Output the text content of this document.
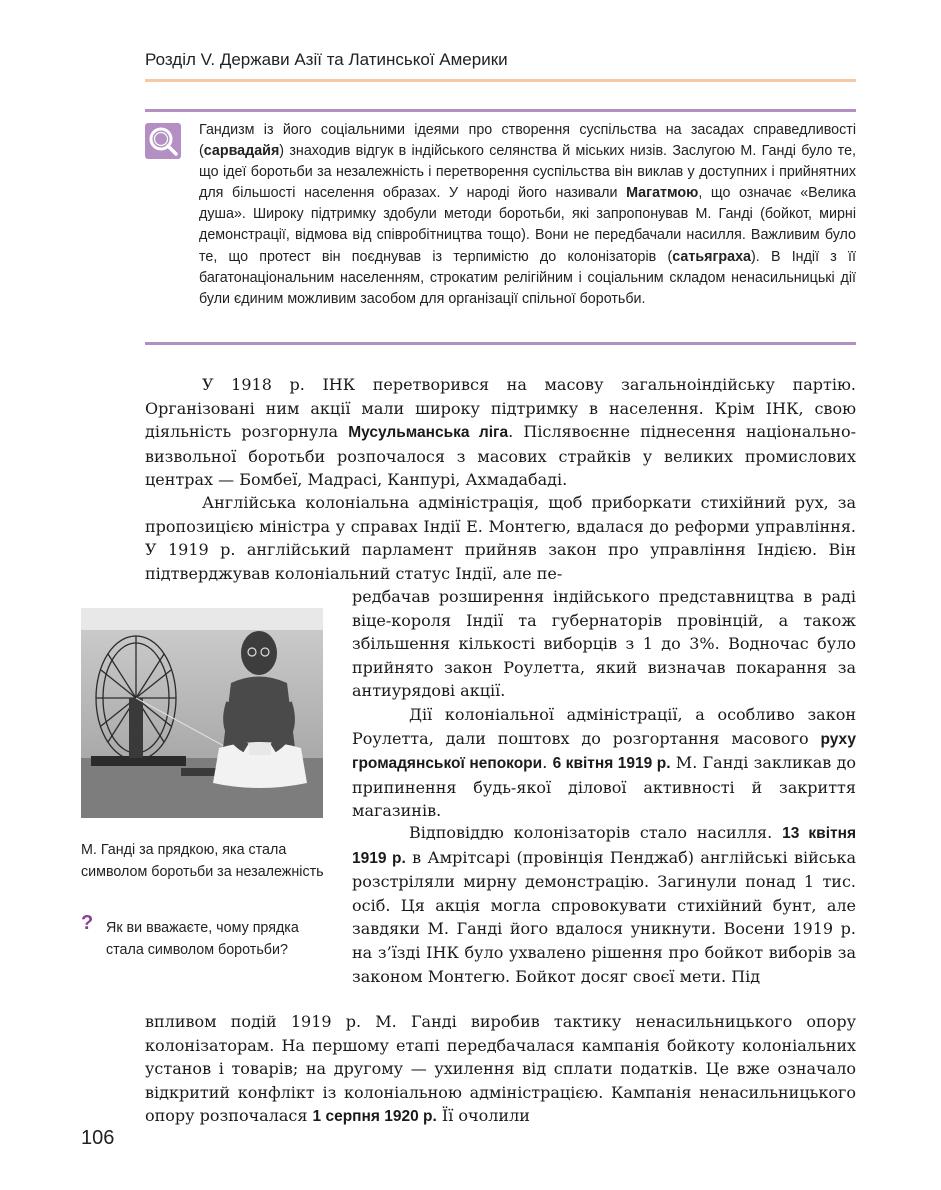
Розділ V. Держави Азії та Латинської Америки

Гандизм із його соціальними ідеями про створення суспільства на засадах справедливості (сарвадайя) знаходив відгук в індійського селянства й міських низів. Заслугою М. Ганді було те, що ідеї боротьби за незалежність і перетворення суспільства він виклав у доступних і прийнятних для більшості населення образах. У народі його називали Магатмою, що означає «Велика душа». Широку підтримку здобули методи боротьби, які запропонував М. Ганді (бойкот, мирні демонстрації, відмова від співробітництва тощо). Вони не передбачали насилля. Важливим було те, що протест він поєднував із терпимістю до колонізаторів (сатьяграха). В Індії з її багатонаціональним населенням, строкатим релігійним і соціальним складом ненасильницькі дії були єдиним можливим засобом для організації спільної боротьби.

У 1918 р. ІНК перетворився на масову загальноіндійську партію. Організовані ним акції мали широку підтримку в населення. Крім ІНК, свою діяльність розгорнула Мусульманська ліга. Післявоєнне піднесення національно-визвольної боротьби розпочалося з масових страйків у великих промислових центрах — Бомбеї, Мадрасі, Канпурі, Ахмадабаді.

Англійська колоніальна адміністрація, щоб приборкати стихійний рух, за пропозицією міністра у справах Індії Е. Монтегю, вдалася до реформи управління. У 1919 р. англійський парламент прийняв закон про управління Індією. Він підтверджував колоніальний статус Індії, але пе-

редбачав розширення індійського представництва в раді віце-короля Індії та губернаторів провінцій, а також збільшення кількості виборців з 1 до 3%. Водночас було прийнято закон Роулетта, який визначав покарання за антиурядові акції.

Дії колоніальної адміністрації, а особливо закон Роулетта, дали поштовх до розгортання масового руху громадянської непокори. 6 квітня 1919 р. М. Ганді закликав до припинення будь-якої ділової активності й закриття магазинів.

М. Ганді за прядкою, яка стала символом боротьби за незалежність
? Як ви вважаєте, чому прядка стала символом боротьби?

Відповіддю колонізаторів стало насилля. 13 квітня 1919 р. в Амрітсарі (провінція Пенджаб) англійські війська розстріляли мирну демонстрацію. Загинули понад 1 тис. осіб. Ця акція могла спровокувати стихійний бунт, але завдяки М. Ганді його вдалося уникнути. Восени 1919 р. на з’їзді ІНК було ухвалено рішення про бойкот виборів за законом Монтегю. Бойкот досяг своєї мети. Під

впливом подій 1919 р. М. Ганді виробив тактику ненасильницького опору колонізаторам. На першому етапі передбачалася кампанія бойкоту колоніальних установ і товарів; на другому — ухилення від сплати податків. Це вже означало відкритий конфлікт із колоніальною адміністрацією. Кампанія ненасильницького опору розпочалася 1 серпня 1920 р. Її очолили

106
